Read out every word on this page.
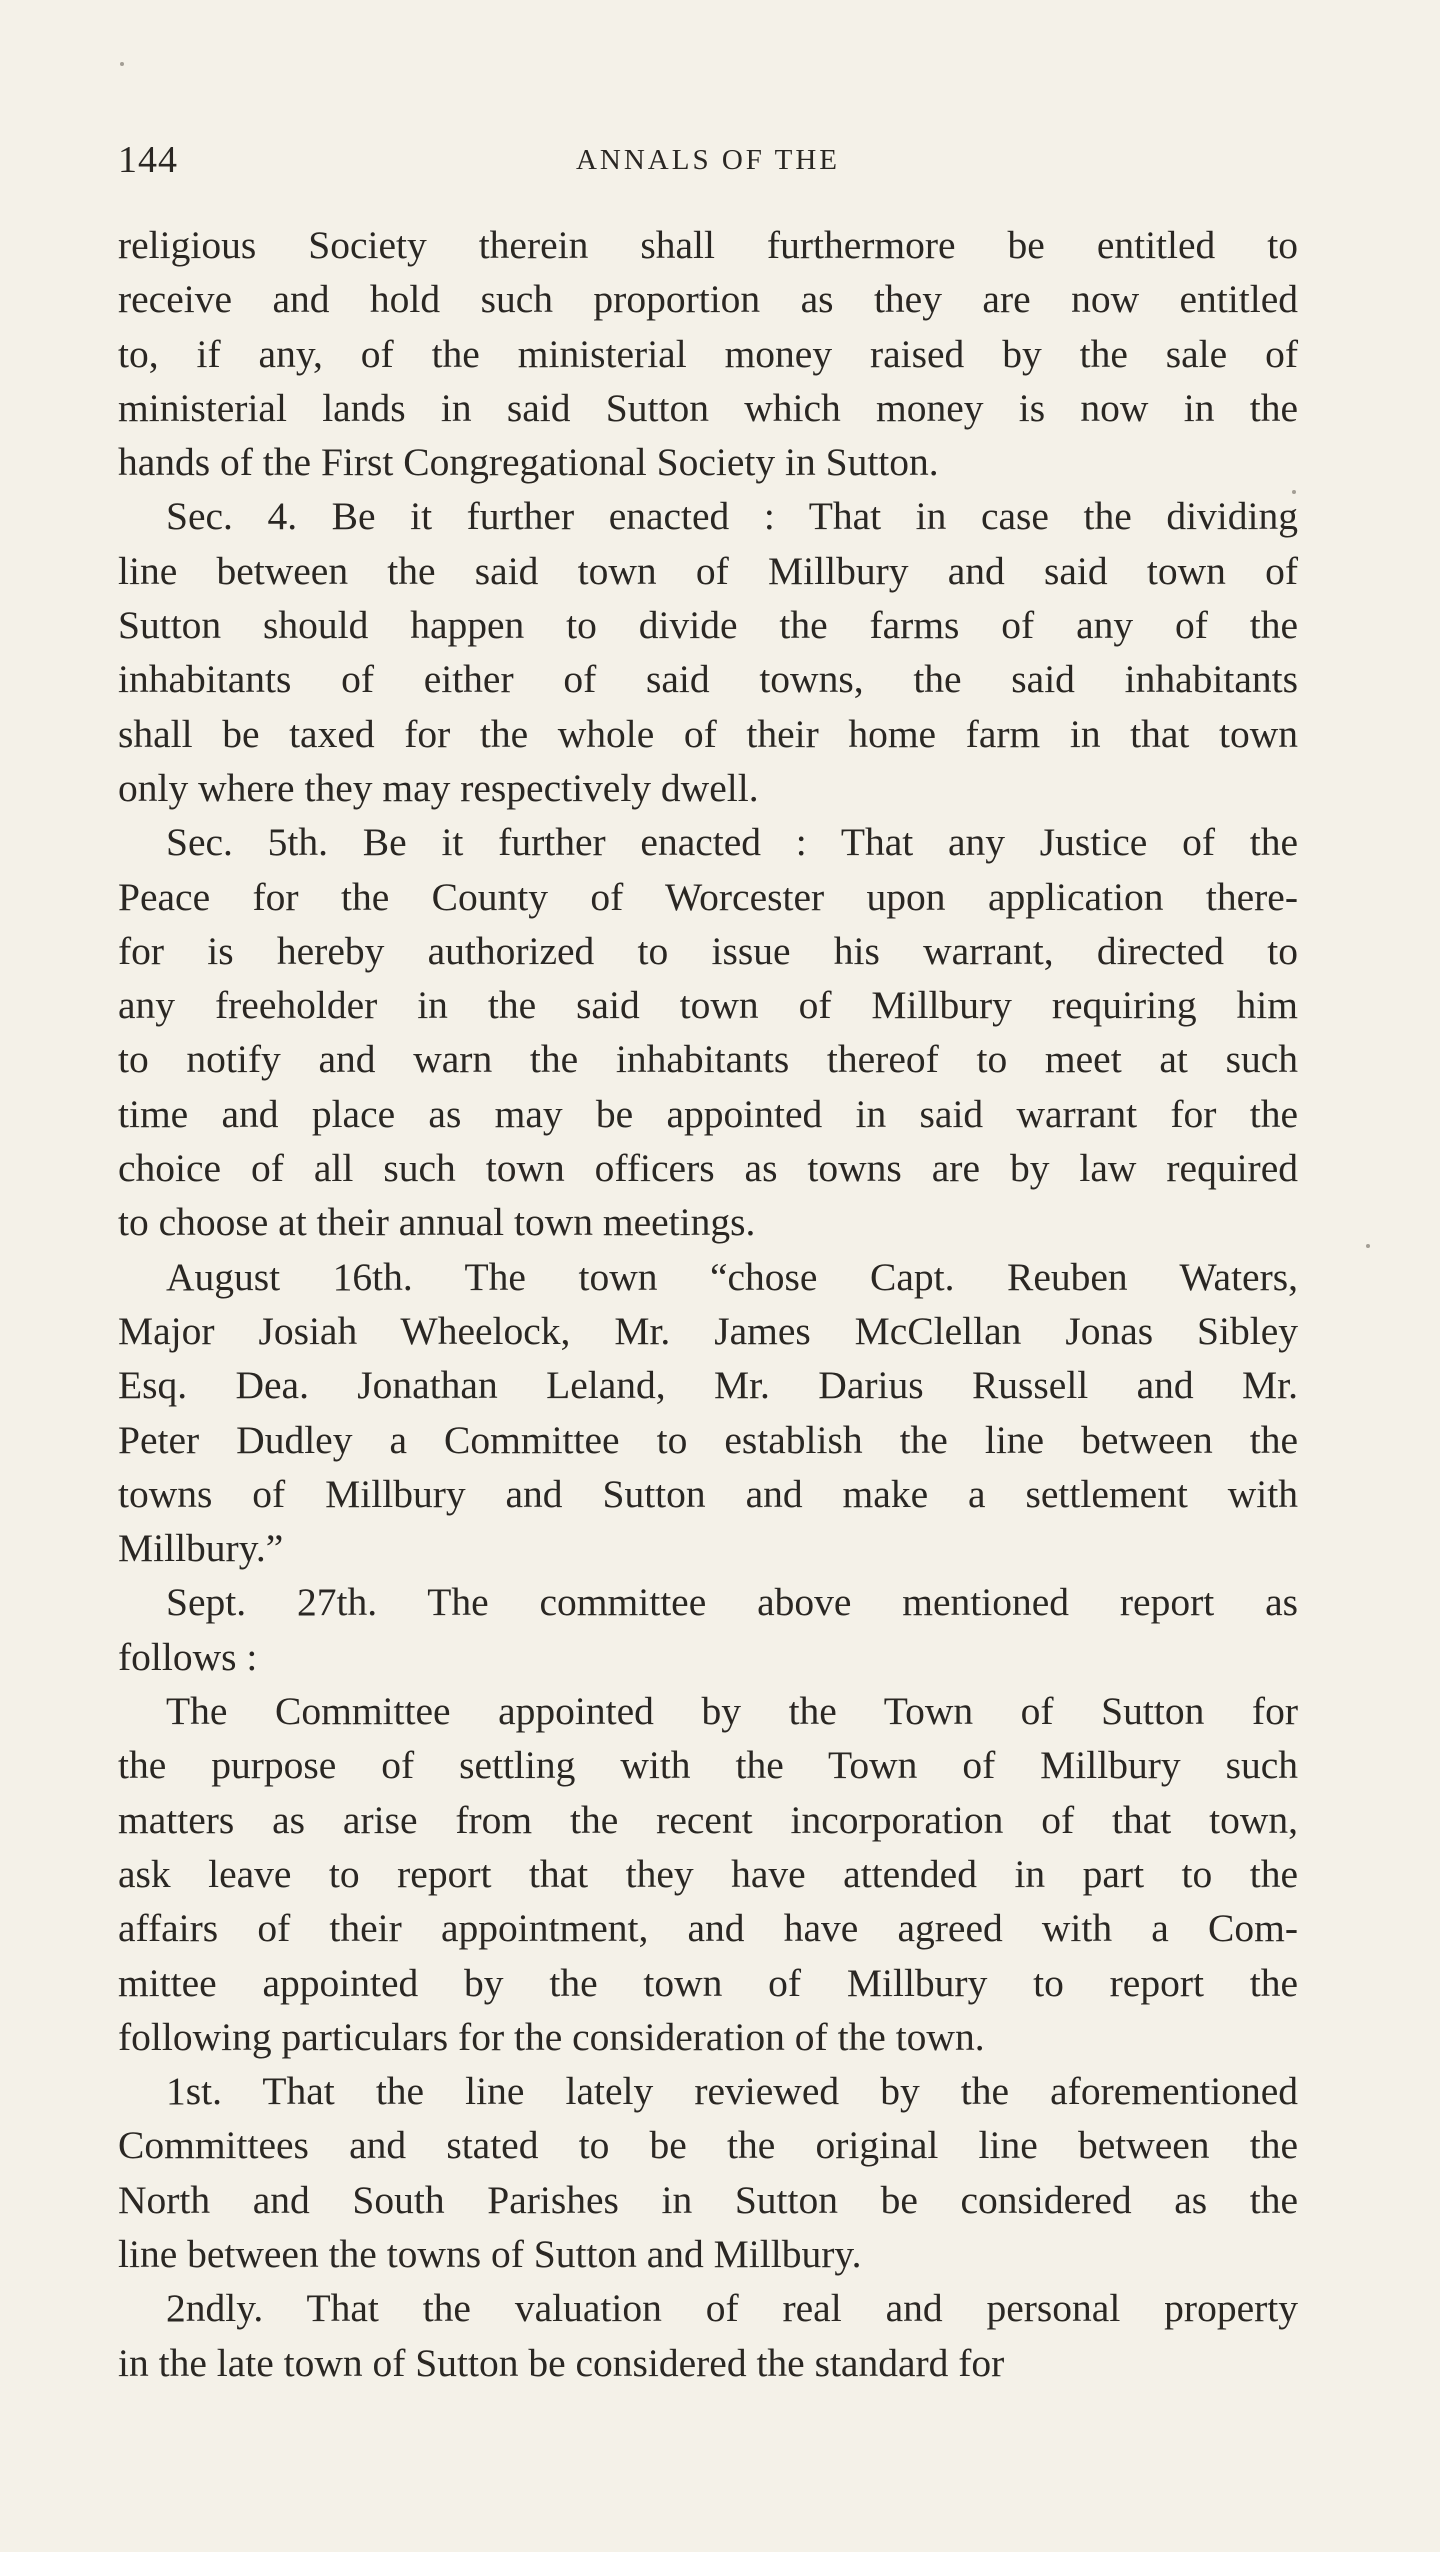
144	ANNALS OF THE

religious Society therein shall furthermore be entitled to

receive and hold such proportion as they are now entitled

to, if any, of the ministerial money raised by the sale of

ministerial lands in said Sutton which money is now in the

hands of the First Congregational Society in Sutton.

Sec. 4. Be it further enacted : That in case the dividing

line between the said town of Millbury and said town of

Sutton should happen to divide the farms of any of the

inhabitants of either of said towns, the said inhabitants

shall be taxed for the whole of their home farm in that town

only where they may respectively dwell.

Sec. 5th. Be it further enacted : That any Justice of the

Peace for the County of Worcester upon application there-

for is hereby authorized to issue his warrant, directed to

any freeholder in the said town of Millbury requiring him

to notify and warn the inhabitants thereof to meet at such

time and place as may be appointed in said warrant for the

choice of all such town officers as towns are by law required

to choose at their annual town meetings.

August 16th. The town “chose Capt. Reuben Waters,

Major Josiah Wheelock, Mr. James McClellan Jonas Sibley

Esq. Dea. Jonathan Leland, Mr. Darius Russell and Mr.

Peter Dudley a Committee to establish the line between the

towns of Millbury and Sutton and make a settlement with

Millbury.”

Sept. 27th. The committee above mentioned report as

follows :

The Committee appointed by the Town of Sutton for

the purpose of settling with the Town of Millbury such

matters as arise from the recent incorporation of that town,

ask leave to report that they have attended in part to the

affairs of their appointment, and have agreed with a Com-

mittee appointed by the town of Millbury to report the

following particulars for the consideration of the town.

1st. That the line lately reviewed by the aforementioned

Committees and stated to be the original line between the

North and South Parishes in Sutton be considered as the

line between the towns of Sutton and Millbury.

2ndly. That the valuation of real and personal property

in the late town of Sutton be considered the standard for
